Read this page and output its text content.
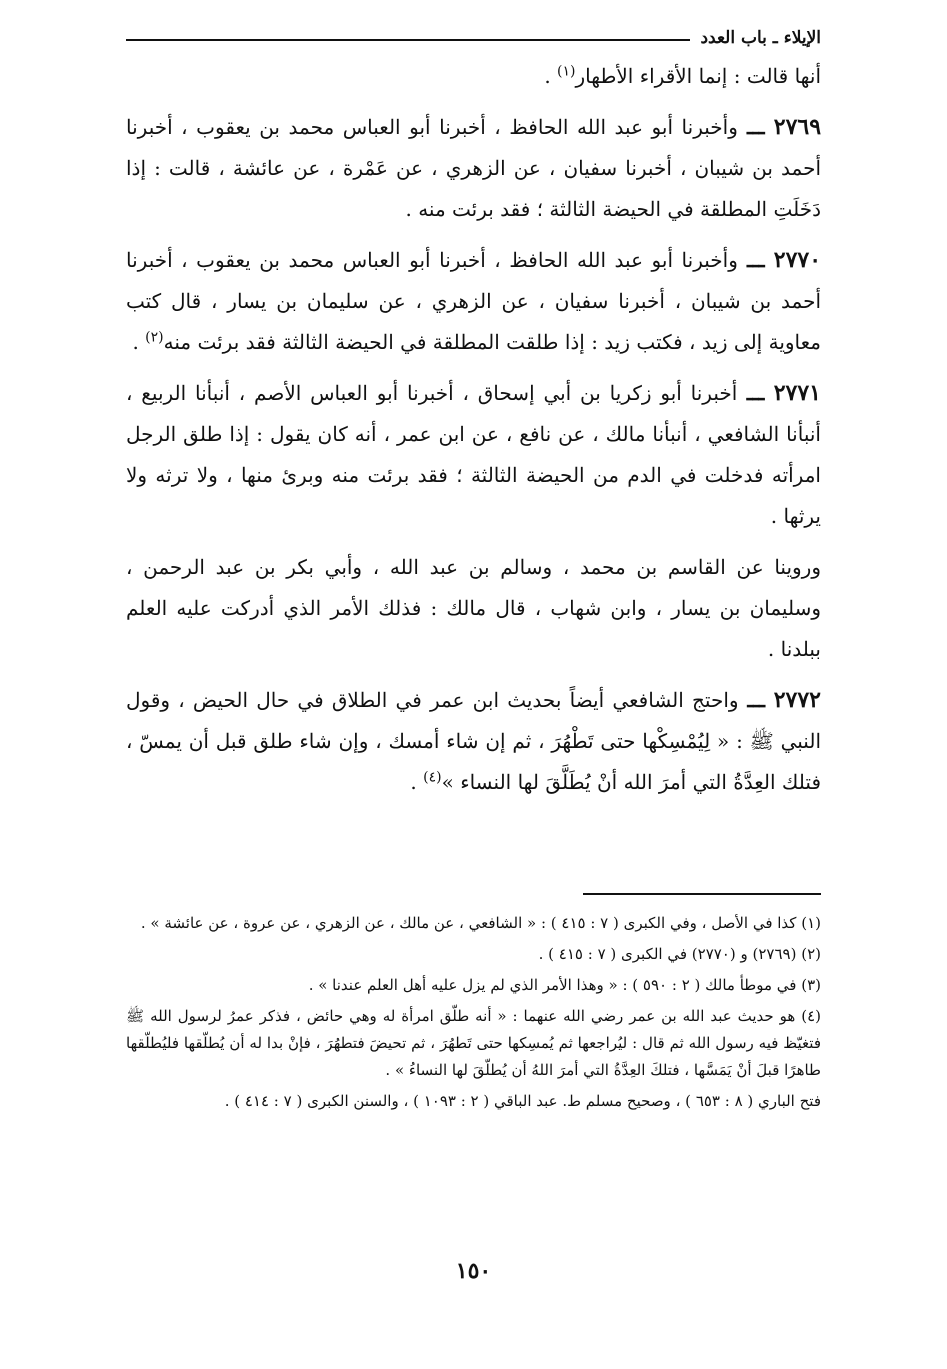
الإيلاء ـ باب العدد

أنها قالت : إنما الأقراء الأطهار$^{(١)}$ .

٢٧٦٩ ـــ وأخبرنا أبو عبد الله الحافظ ، أخبرنا أبو العباس محمد بن يعقوب ، أخبرنا أحمد بن شيبان ، أخبرنا سفيان ، عن الزهري ، عن عَمْرة ، عن عائشة ، قالت : إذا دَخَلَتِ المطلقة في الحيضة الثالثة ؛ فقد برئت منه .

٢٧٧٠ ـــ وأخبرنا أبو عبد الله الحافظ ، أخبرنا أبو العباس محمد بن يعقوب ، أخبرنا أحمد بن شيبان ، أخبرنا سفيان ، عن الزهري ، عن سليمان بن يسار ، قال كتب معاوية إلى زيد ، فكتب زيد : إذا طلقت المطلقة في الحيضة الثالثة فقد برئت منه$^{(٢)}$ .

٢٧٧١ ـــ أخبرنا أبو زكريا بن أبي إسحاق ، أخبرنا أبو العباس الأصم ، أنبأنا الربيع ، أنبأنا الشافعي ، أنبأنا مالك ، عن نافع ، عن ابن عمر ، أنه كان يقول : إذا طلق الرجل امرأته فدخلت في الدم من الحيضة الثالثة ؛ فقد برئت منه وبرئ منها ، ولا ترثه ولا يرثها .

وروينا عن القاسم بن محمد ، وسالم بن عبد الله ، وأبي بكر بن عبد الرحمن ، وسليمان بن يسار ، وابن شهاب ، قال مالك : فذلك الأمر الذي أدركت عليه العلم ببلدنا .

٢٧٧٢ ـــ واحتج الشافعي أيضاً بحديث ابن عمر في الطلاق في حال الحيض ، وقول النبي ﷺ : « لِيُمْسِكْها حتى تَطْهُرَ ، ثم إن شاء أمسك ، وإن شاء طلق قبل أن يمسّ ، فتلك العِدَّةُ التي أمرَ الله أنْ يُطَلَّقَ لها النساء »$^{(٤)}$ .

(١) كذا في الأصل ، وفي الكبرى ( ٧ : ٤١٥ ) : « الشافعي ، عن مالك ، عن الزهري ، عن عروة ، عن عائشة » .

(٢) (٢٧٦٩) و (٢٧٧٠) في الكبرى ( ٧ : ٤١٥ ) .

(٣) في موطأ مالك ( ٢ : ٥٩٠ ) : « وهذا الأمر الذي لم يزل عليه أهل العلم عندنا » .

(٤) هو حديث عبد الله بن عمر رضي الله عنهما : « أنه طلّق امرأة له وهي حائض ، فذكر عمرُ لرسول الله ﷺ فتغيّظ فيه رسول الله ثم قال : ليُراجعها ثم يُمسِكها حتى تَطهُرَ ، ثم تحيضَ فتطهُرَ ، فإنْ بدا له أن يُطلّقها فليُطلّقها طاهرًا قبلَ أنْ يَمَسَّها ، فتلكَ العِدَّةُ التي أمرَ اللهُ أن يُطلّقَ لها النساءُ » .

فتح الباري ( ٨ : ٦٥٣ ) ، وصحيح مسلم ط. عبد الباقي ( ٢ : ١٠٩٣ ) ، والسنن الكبرى ( ٧ : ٤١٤ ) .

١٥٠
